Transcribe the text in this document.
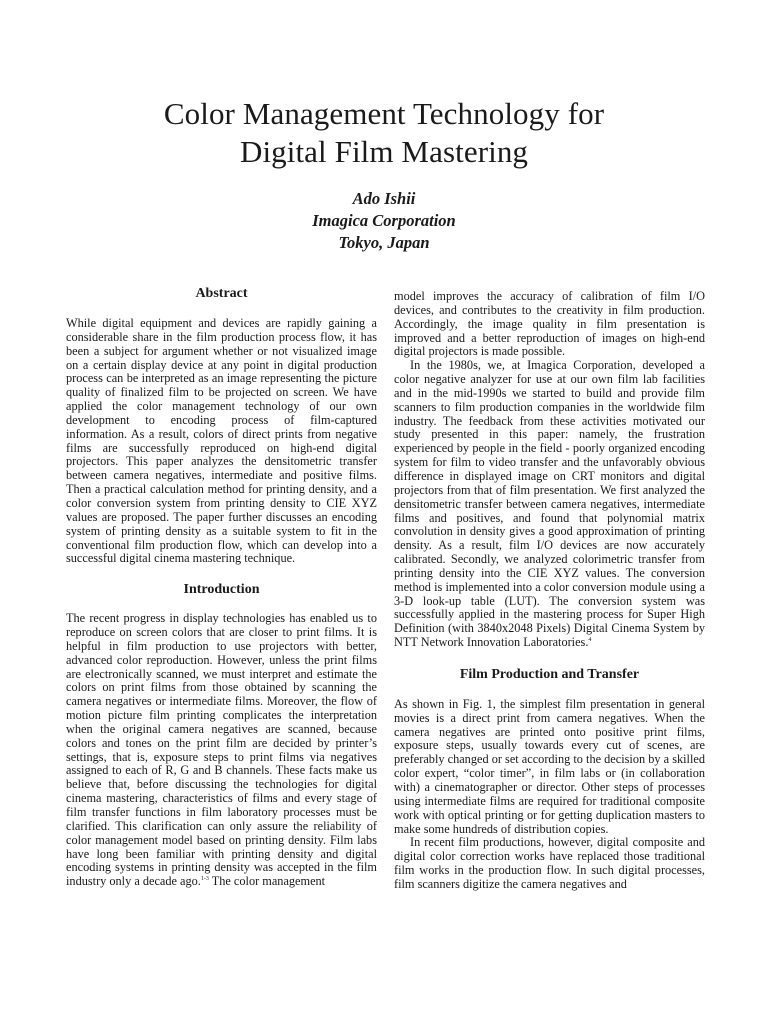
Color Management Technology for
Digital Film Mastering
Ado Ishii
Imagica Corporation
Tokyo, Japan
Abstract

While digital equipment and devices are rapidly gaining a considerable share in the film production process flow, it has been a subject for argument whether or not visualized image on a certain display device at any point in digital production process can be interpreted as an image representing the picture quality of finalized film to be projected on screen. We have applied the color management technology of our own development to encoding process of film-captured information. As a result, colors of direct prints from negative films are successfully reproduced on high-end digital projectors. This paper analyzes the densitometric transfer between camera negatives, intermediate and positive films. Then a practical calculation method for printing density, and a color conversion system from printing density to CIE XYZ values are proposed. The paper further discusses an encoding system of printing density as a suitable system to fit in the conventional film production flow, which can develop into a successful digital cinema mastering technique.

Introduction

The recent progress in display technologies has enabled us to reproduce on screen colors that are closer to print films. It is helpful in film production to use projectors with better, advanced color reproduction. However, unless the print films are electronically scanned, we must interpret and estimate the colors on print films from those obtained by scanning the camera negatives or intermediate films. Moreover, the flow of motion picture film printing complicates the interpretation when the original camera negatives are scanned, because colors and tones on the print film are decided by printer’s settings, that is, exposure steps to print films via negatives assigned to each of R, G and B channels. These facts make us believe that, before discussing the technologies for digital cinema mastering, characteristics of films and every stage of film transfer functions in film laboratory processes must be clarified. This clarification can only assure the reliability of color management model based on printing density. Film labs have long been familiar with printing density and digital encoding systems in printing density was accepted in the film industry only a decade ago.$^{1-3}$ The color management

model improves the accuracy of calibration of film I/O devices, and contributes to the creativity in film production. Accordingly, the image quality in film presentation is improved and a better reproduction of images on high-end digital projectors is made possible.

In the 1980s, we, at Imagica Corporation, developed a color negative analyzer for use at our own film lab facilities and in the mid-1990s we started to build and provide film scanners to film production companies in the worldwide film industry. The feedback from these activities motivated our study presented in this paper: namely, the frustration experienced by people in the field - poorly organized encoding system for film to video transfer and the unfavorably obvious difference in displayed image on CRT monitors and digital projectors from that of film presentation. We first analyzed the densitometric transfer between camera negatives, intermediate films and positives, and found that polynomial matrix convolution in density gives a good approximation of printing density. As a result, film I/O devices are now accurately calibrated. Secondly, we analyzed colorimetric transfer from printing density into the CIE XYZ values. The conversion method is implemented into a color conversion module using a 3-D look-up table (LUT). The conversion system was successfully applied in the mastering process for Super High Definition (with 3840x2048 Pixels) Digital Cinema System by NTT Network Innovation Laboratories.$^4$

Film Production and Transfer

As shown in Fig. 1, the simplest film presentation in general movies is a direct print from camera negatives. When the camera negatives are printed onto positive print films, exposure steps, usually towards every cut of scenes, are preferably changed or set according to the decision by a skilled color expert, “color timer”, in film labs or (in collaboration with) a cinematographer or director. Other steps of processes using intermediate films are required for traditional composite work with optical printing or for getting duplication masters to make some hundreds of distribution copies.

In recent film productions, however, digital composite and digital color correction works have replaced those traditional film works in the production flow. In such digital processes, film scanners digitize the camera negatives and
